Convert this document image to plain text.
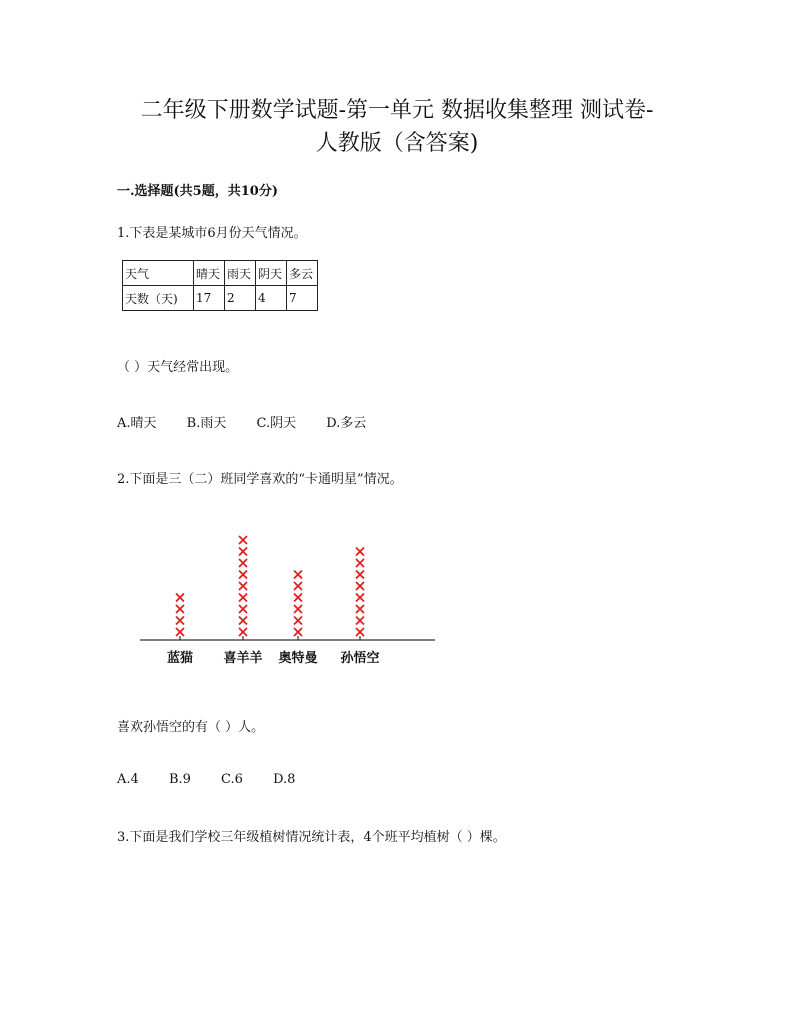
二年级下册数学试题-第一单元 数据收集整理 测试卷-
人教版（含答案)
一.选择题(共5题，共10分)
1.下表是某城市6月份天气情况。
天气	晴天	雨天	阴天	多云
天数（天)	17	2	4	7
（ ）天气经常出现。
A.晴天 B.雨天 C.阴天 D.多云
2.下面是三（二）班同学喜欢的“卡通明星”情况。
蓝猫 喜羊羊 奥特曼 孙悟空
喜欢孙悟空的有（ ）人。
A.4 B.9 C.6 D.8
3.下面是我们学校三年级植树情况统计表，4个班平均植树（ ）棵。
